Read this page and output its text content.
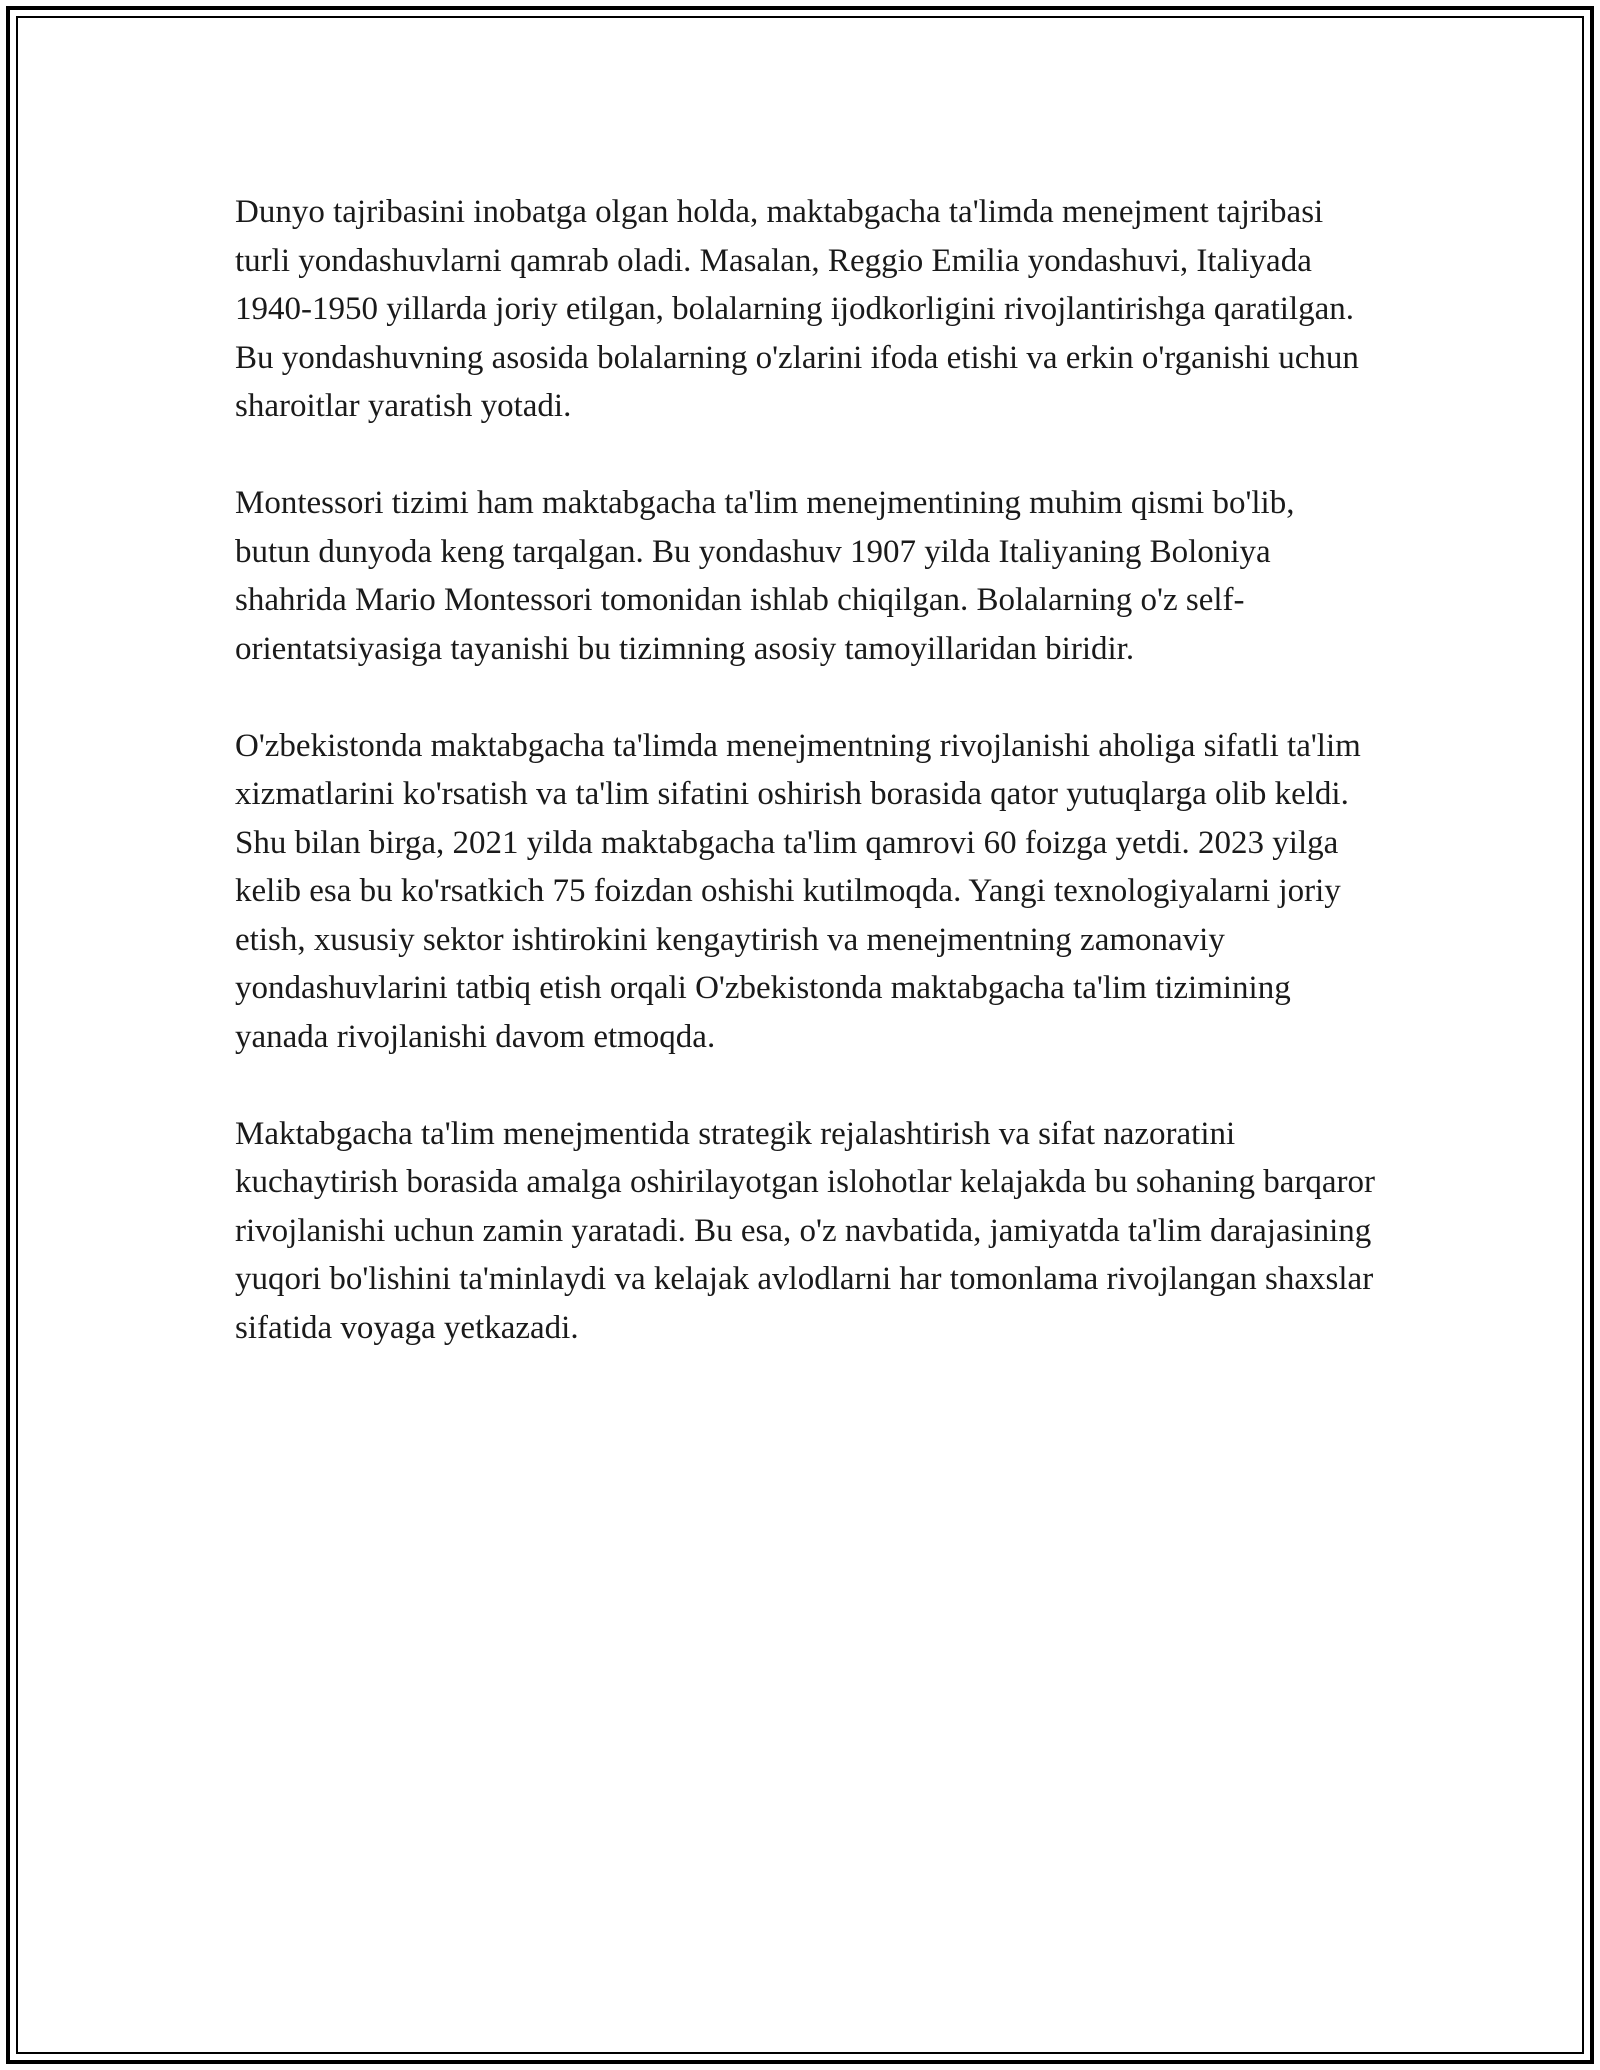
Dunyo tajribasini inobatga olgan holda, maktabgacha ta'limda menejment tajribasi turli yondashuvlarni qamrab oladi. Masalan, Reggio Emilia yondashuvi, Italiyada 1940-1950 yillarda joriy etilgan, bolalarning ijodkorligini rivojlantirishga qaratilgan. Bu yondashuvning asosida bolalarning o'zlarini ifoda etishi va erkin o'rganishi uchun sharoitlar yaratish yotadi.

Montessori tizimi ham maktabgacha ta'lim menejmentining muhim qismi bo'lib, butun dunyoda keng tarqalgan. Bu yondashuv 1907 yilda Italiyaning Boloniya shahrida Mario Montessori tomonidan ishlab chiqilgan. Bolalarning o'z self-orientatsiyasiga tayanishi bu tizimning asosiy tamoyillaridan biridir.

O'zbekistonda maktabgacha ta'limda menejmentning rivojlanishi aholiga sifatli ta'lim xizmatlarini ko'rsatish va ta'lim sifatini oshirish borasida qator yutuqlarga olib keldi. Shu bilan birga, 2021 yilda maktabgacha ta'lim qamrovi 60 foizga yetdi. 2023 yilga kelib esa bu ko'rsatkich 75 foizdan oshishi kutilmoqda. Yangi texnologiyalarni joriy etish, xususiy sektor ishtirokini kengaytirish va menejmentning zamonaviy yondashuvlarini tatbiq etish orqali O'zbekistonda maktabgacha ta'lim tizimining yanada rivojlanishi davom etmoqda.

Maktabgacha ta'lim menejmentida strategik rejalashtirish va sifat nazoratini kuchaytirish borasida amalga oshirilayotgan islohotlar kelajakda bu sohaning barqaror rivojlanishi uchun zamin yaratadi. Bu esa, o'z navbatida, jamiyatda ta'lim darajasining yuqori bo'lishini ta'minlaydi va kelajak avlodlarni har tomonlama rivojlangan shaxslar sifatida voyaga yetkazadi.
